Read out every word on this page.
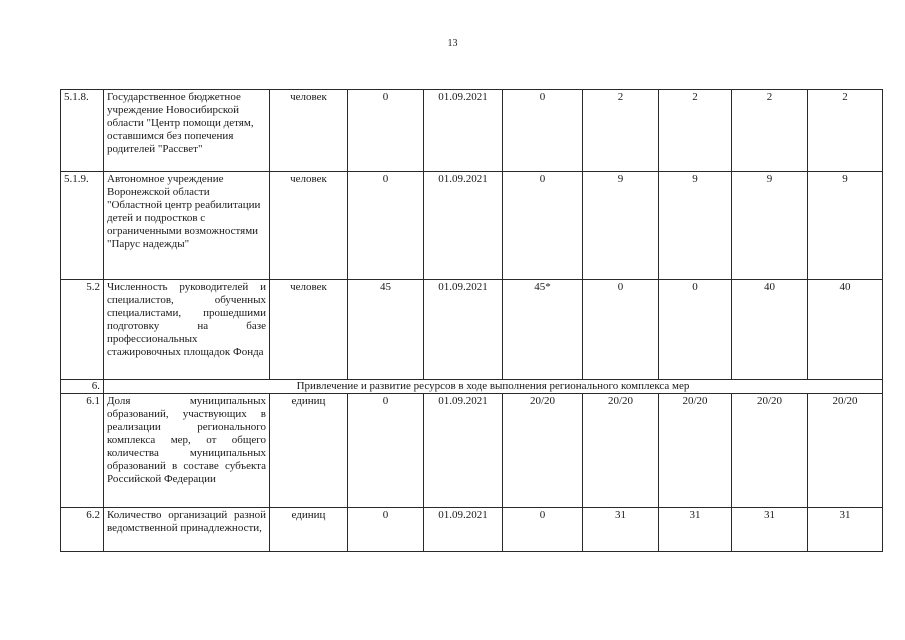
13
5.1.8.	Государственное бюджетное учреждение Новосибирской области "Центр помощи детям, оставшимся без попечения родителей "Рассвет"	человек	0	01.09.2021	0	2	2	2	2
5.1.9.	Автономное учреждение Воронежской области "Областной центр реабилитации детей и подростков с ограниченными возможностями "Парус надежды"	человек	0	01.09.2021	0	9	9	9	9
5.2	Численность руководителей и специалистов, обученных специалистами, прошедшими подготовку на базе профессиональных стажировочных площадок Фонда	человек	45	01.09.2021	45*	0	0	40	40
6.	Привлечение и развитие ресурсов в ходе выполнения регионального комплекса мер								
6.1	Доля муниципальных образований, участвующих в реализации регионального комплекса мер, от общего количества муниципальных образований в составе субъекта Российской Федерации	единиц	0	01.09.2021	20/20	20/20	20/20	20/20	20/20
6.2	Количество организаций разной ведомственной принадлежности,	единиц	0	01.09.2021	0	31	31	31	31
